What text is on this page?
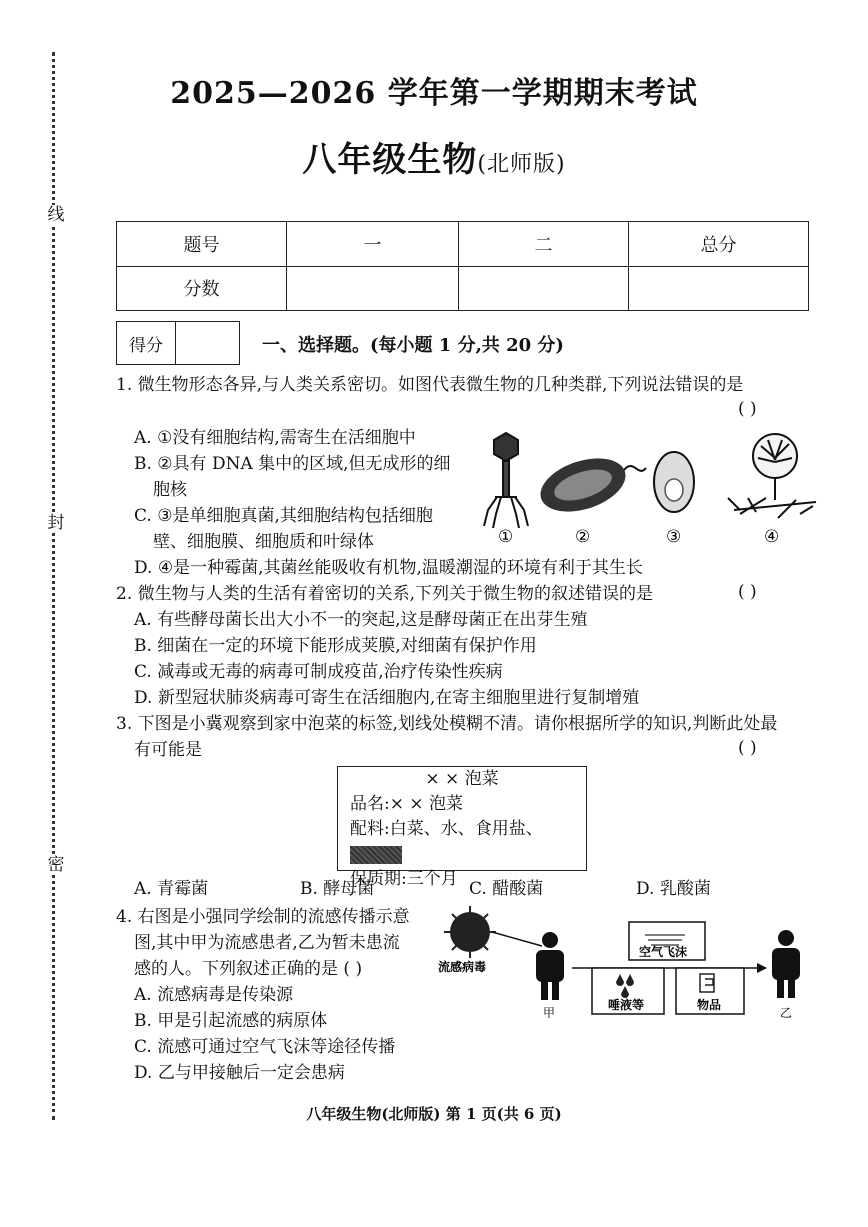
线
封
密
2025—2026 学年第一学期期末考试
八年级生物(北师版)
题号	一	二	总分
分数			
得分	一、选择题。(每小题 1 分,共 20 分)
1. 微生物形态各异,与人类关系密切。如图代表微生物的几种类群,下列说法错误的是
( )
A. ①没有细胞结构,需寄生在活细胞中
B. ②具有 DNA 集中的区域,但无成形的细
胞核
C. ③是单细胞真菌,其细胞结构包括细胞
壁、细胞膜、细胞质和叶绿体
D. ④是一种霉菌,其菌丝能吸收有机物,温暖潮湿的环境有利于其生长
①	②	③	④
2. 微生物与人类的生活有着密切的关系,下列关于微生物的叙述错误的是	( )
A. 有些酵母菌长出大小不一的突起,这是酵母菌正在出芽生殖
B. 细菌在一定的环境下能形成荚膜,对细菌有保护作用
C. 减毒或无毒的病毒可制成疫苗,治疗传染性疾病
D. 新型冠状肺炎病毒可寄生在活细胞内,在寄主细胞里进行复制增殖
3. 下图是小冀观察到家中泡菜的标签,划线处模糊不清。请你根据所学的知识,判断此处最
有可能是	( )
× × 泡菜
品名:× × 泡菜
配料:白菜、水、食用盐、
保质期:三个月
A. 青霉菌	B. 酵母菌	C. 醋酸菌	D. 乳酸菌
4. 右图是小强同学绘制的流感传播示意
图,其中甲为流感患者,乙为暂未患流
感的人。下列叙述正确的是 ( )
A. 流感病毒是传染源
B. 甲是引起流感的病原体
C. 流感可通过空气飞沫等途径传播
D. 乙与甲接触后一定会患病
流感病毒
甲
空气飞沫
唾液等	物品
乙
八年级生物(北师版) 第 1 页(共 6 页)
